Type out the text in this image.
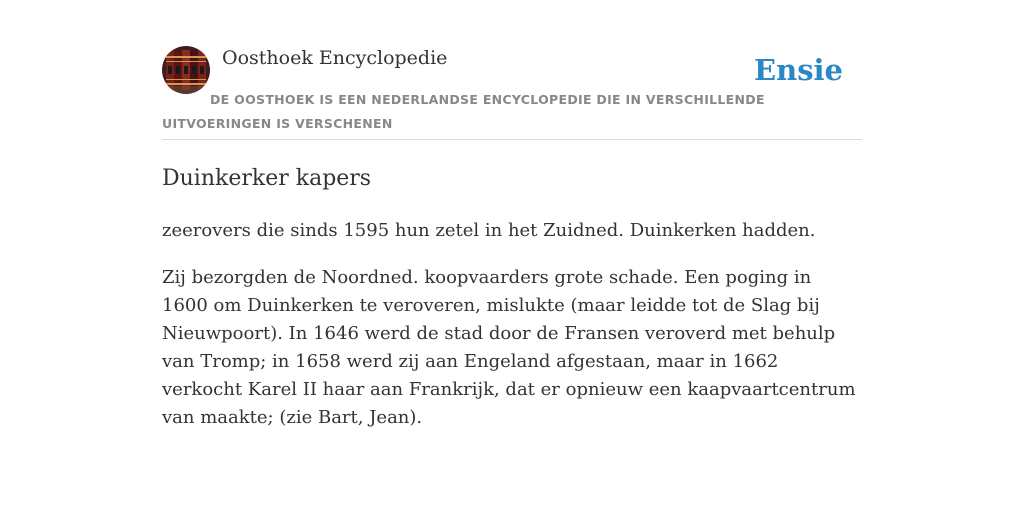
Oosthoek Encyclopedie	Ensie
DE OOSTHOEK IS EEN NEDERLANDSE ENCYCLOPEDIE DIE IN VERSCHILLENDE UITVOERINGEN IS VERSCHENEN
Duinkerker kapers

zeerovers die sinds 1595 hun zetel in het Zuidned. Duinkerken hadden.

Zij bezorgden de Noordned. koopvaarders grote schade. Een poging in 1600 om Duinkerken te veroveren, mislukte (maar leidde tot de Slag bij Nieuwpoort). In 1646 werd de stad door de Fransen veroverd met behulp van Tromp; in 1658 werd zij aan Engeland afgestaan, maar in 1662 verkocht Karel II haar aan Frankrijk, dat er opnieuw een kaapvaartcentrum van maakte; (zie Bart, Jean).
